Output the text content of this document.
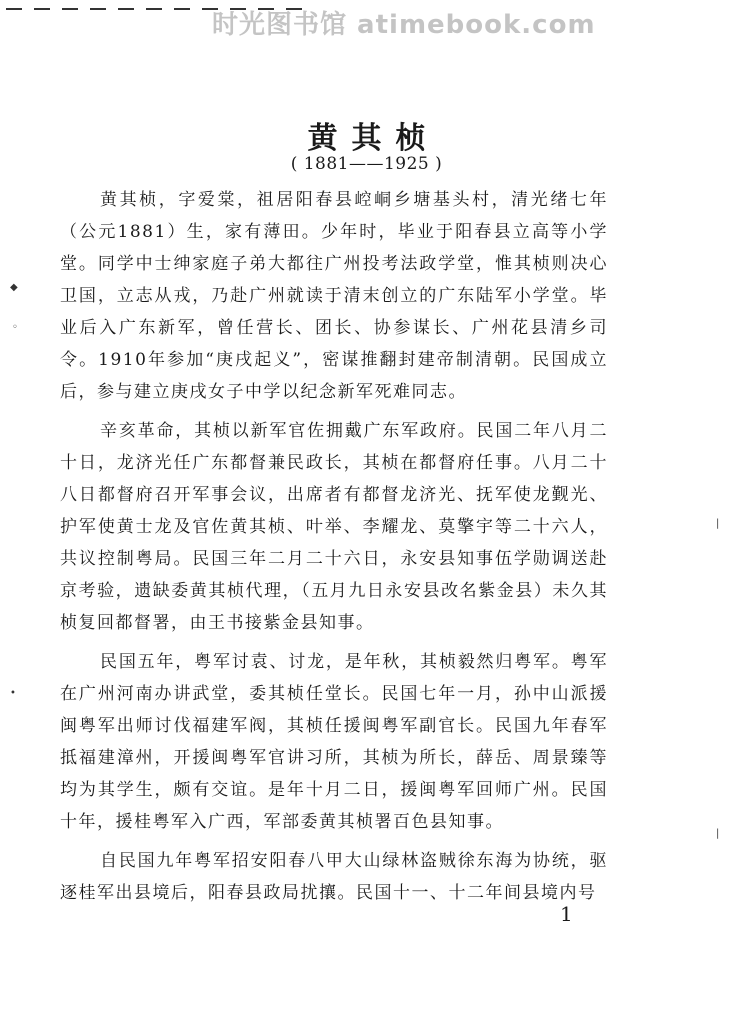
时光图书馆 atimebook.com
黄其桢
( 1881——1925 )

黄其桢，字爱棠，祖居阳春县崆峒乡塘基头村，清光绪七年（公元1881）生，家有薄田。少年时，毕业于阳春县立高等小学堂。同学中士绅家庭子弟大都往广州投考法政学堂，惟其桢则决心卫国，立志从戎，乃赴广州就读于清末创立的广东陆军小学堂。毕业后入广东新军，曾任营长、团长、协参谋长、广州花县清乡司令。1910年参加“庚戌起义”，密谋推翻封建帝制清朝。民国成立后，参与建立庚戌女子中学以纪念新军死难同志。

辛亥革命，其桢以新军官佐拥戴广东军政府。民国二年八月二十日，龙济光任广东都督兼民政长，其桢在都督府任事。八月二十八日都督府召开军事会议，出席者有都督龙济光、抚军使龙觐光、护军使黄士龙及官佐黄其桢、叶举、李耀龙、莫擎宇等二十六人，共议控制粤局。民国三年二月二十六日，永安县知事伍学勋调送赴京考验，遗缺委黄其桢代理，（五月九日永安县改名紫金县）未久其桢复回都督署，由王书接紫金县知事。

民国五年，粤军讨袁、讨龙，是年秋，其桢毅然归粤军。粤军在广州河南办讲武堂，委其桢任堂长。民国七年一月，孙中山派援闽粤军出师讨伐福建军阀，其桢任援闽粤军副官长。民国九年春军抵福建漳州，开援闽粤军官讲习所，其桢为所长，薛岳、周景臻等均为其学生，颇有交谊。是年十月二日，援闽粤军回师广州。民国十年，援桂粤军入广西，军部委黄其桢署百色县知事。

自民国九年粤军招安阳春八甲大山绿林盗贼徐东海为协统，驱逐桂军出县境后，阳春县政局扰攘。民国十一、十二年间县境内号

1
◆
◦
•
|
|
